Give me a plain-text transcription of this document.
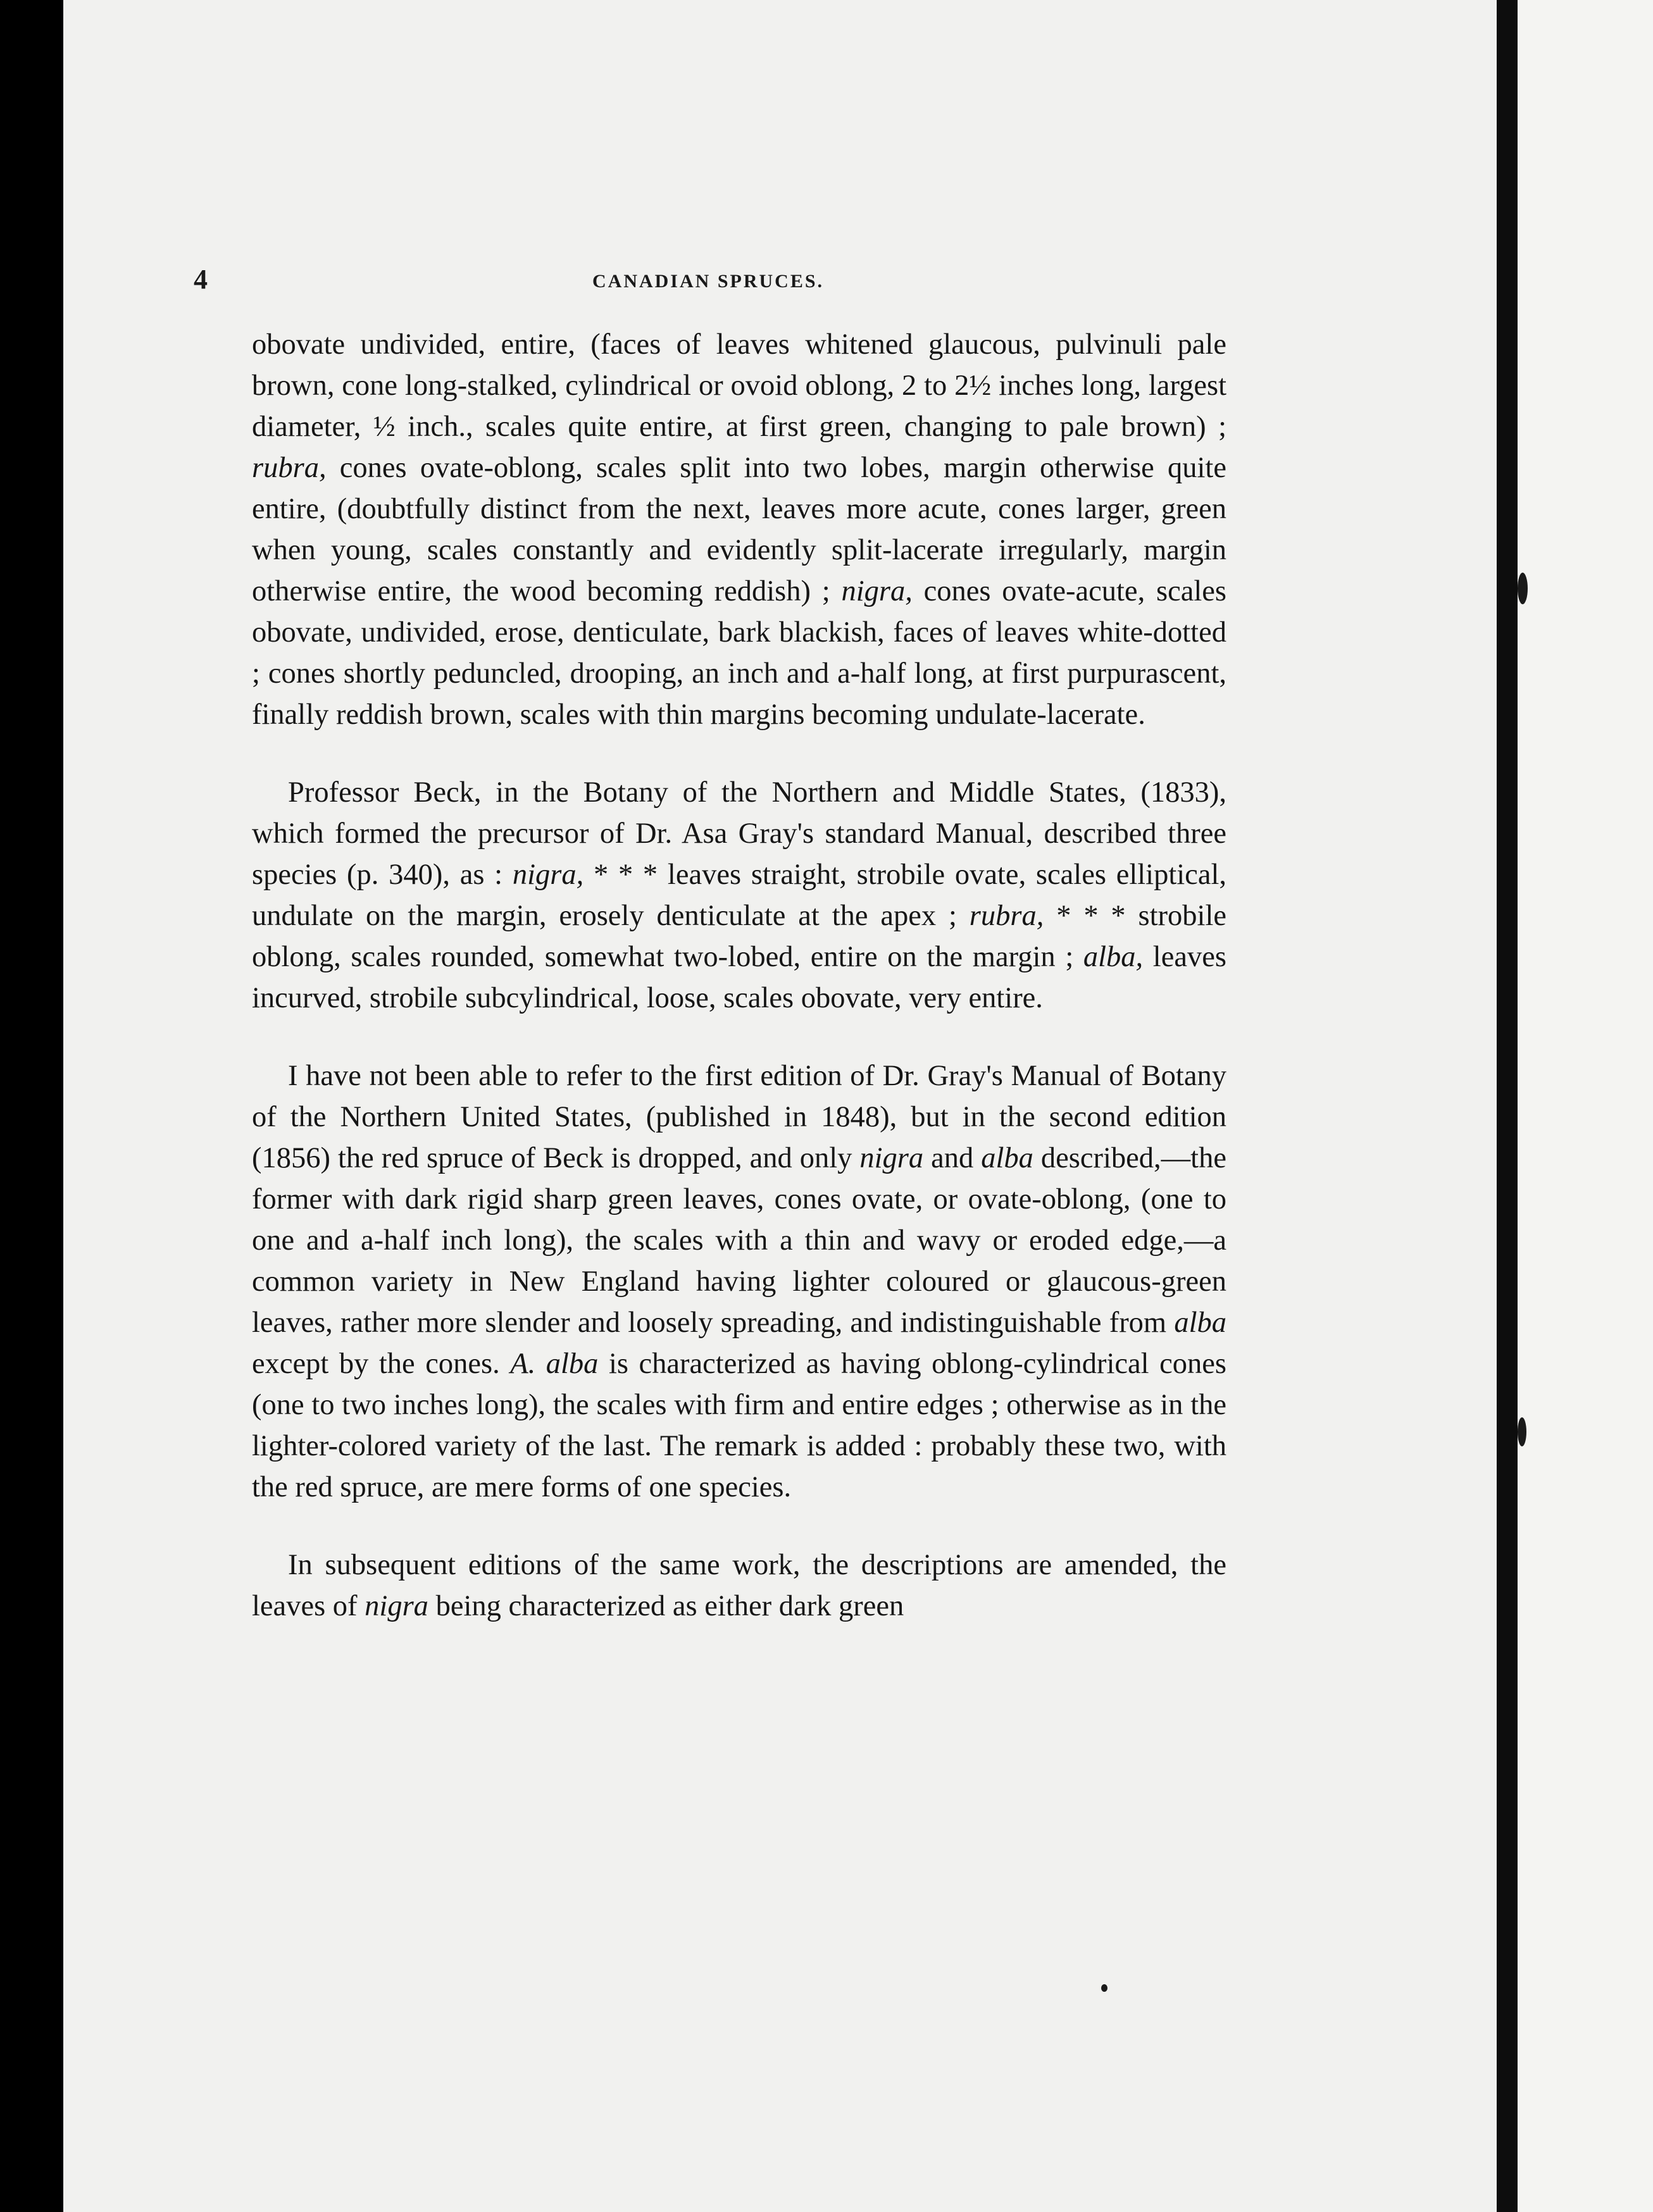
4	CANADIAN SPRUCES.

obovate undivided, entire, (faces of leaves whitened glaucous, pulvinuli pale brown, cone long-stalked, cylindrical or ovoid oblong, 2 to 2½ inches long, largest diameter, ½ inch., scales quite entire, at first green, changing to pale brown) ; rubra, cones ovate-oblong, scales split into two lobes, margin otherwise quite entire, (doubtfully distinct from the next, leaves more acute, cones larger, green when young, scales constantly and evidently split-lacerate irregularly, margin otherwise entire, the wood becoming reddish) ; nigra, cones ovate-acute, scales obovate, undivided, erose, denticulate, bark blackish, faces of leaves white-dotted ; cones shortly peduncled, drooping, an inch and a-half long, at first purpurascent, finally reddish brown, scales with thin margins becoming undulate-lacerate.

Professor Beck, in the Botany of the Northern and Middle States, (1833), which formed the precursor of Dr. Asa Gray's standard Manual, described three species (p. 340), as : nigra, * * * leaves straight, strobile ovate, scales elliptical, undulate on the margin, erosely denticulate at the apex ; rubra, * * * strobile oblong, scales rounded, somewhat two-lobed, entire on the margin ; alba, leaves incurved, strobile subcylindrical, loose, scales obovate, very entire.

I have not been able to refer to the first edition of Dr. Gray's Manual of Botany of the Northern United States, (published in 1848), but in the second edition (1856) the red spruce of Beck is dropped, and only nigra and alba described,—the former with dark rigid sharp green leaves, cones ovate, or ovate-oblong, (one to one and a-half inch long), the scales with a thin and wavy or eroded edge,—a common variety in New England having lighter coloured or glaucous-green leaves, rather more slender and loosely spreading, and indistinguishable from alba except by the cones. A. alba is characterized as having oblong-cylindrical cones (one to two inches long), the scales with firm and entire edges ; otherwise as in the lighter-colored variety of the last. The remark is added : probably these two, with the red spruce, are mere forms of one species.

In subsequent editions of the same work, the descriptions are amended, the leaves of nigra being characterized as either dark green
